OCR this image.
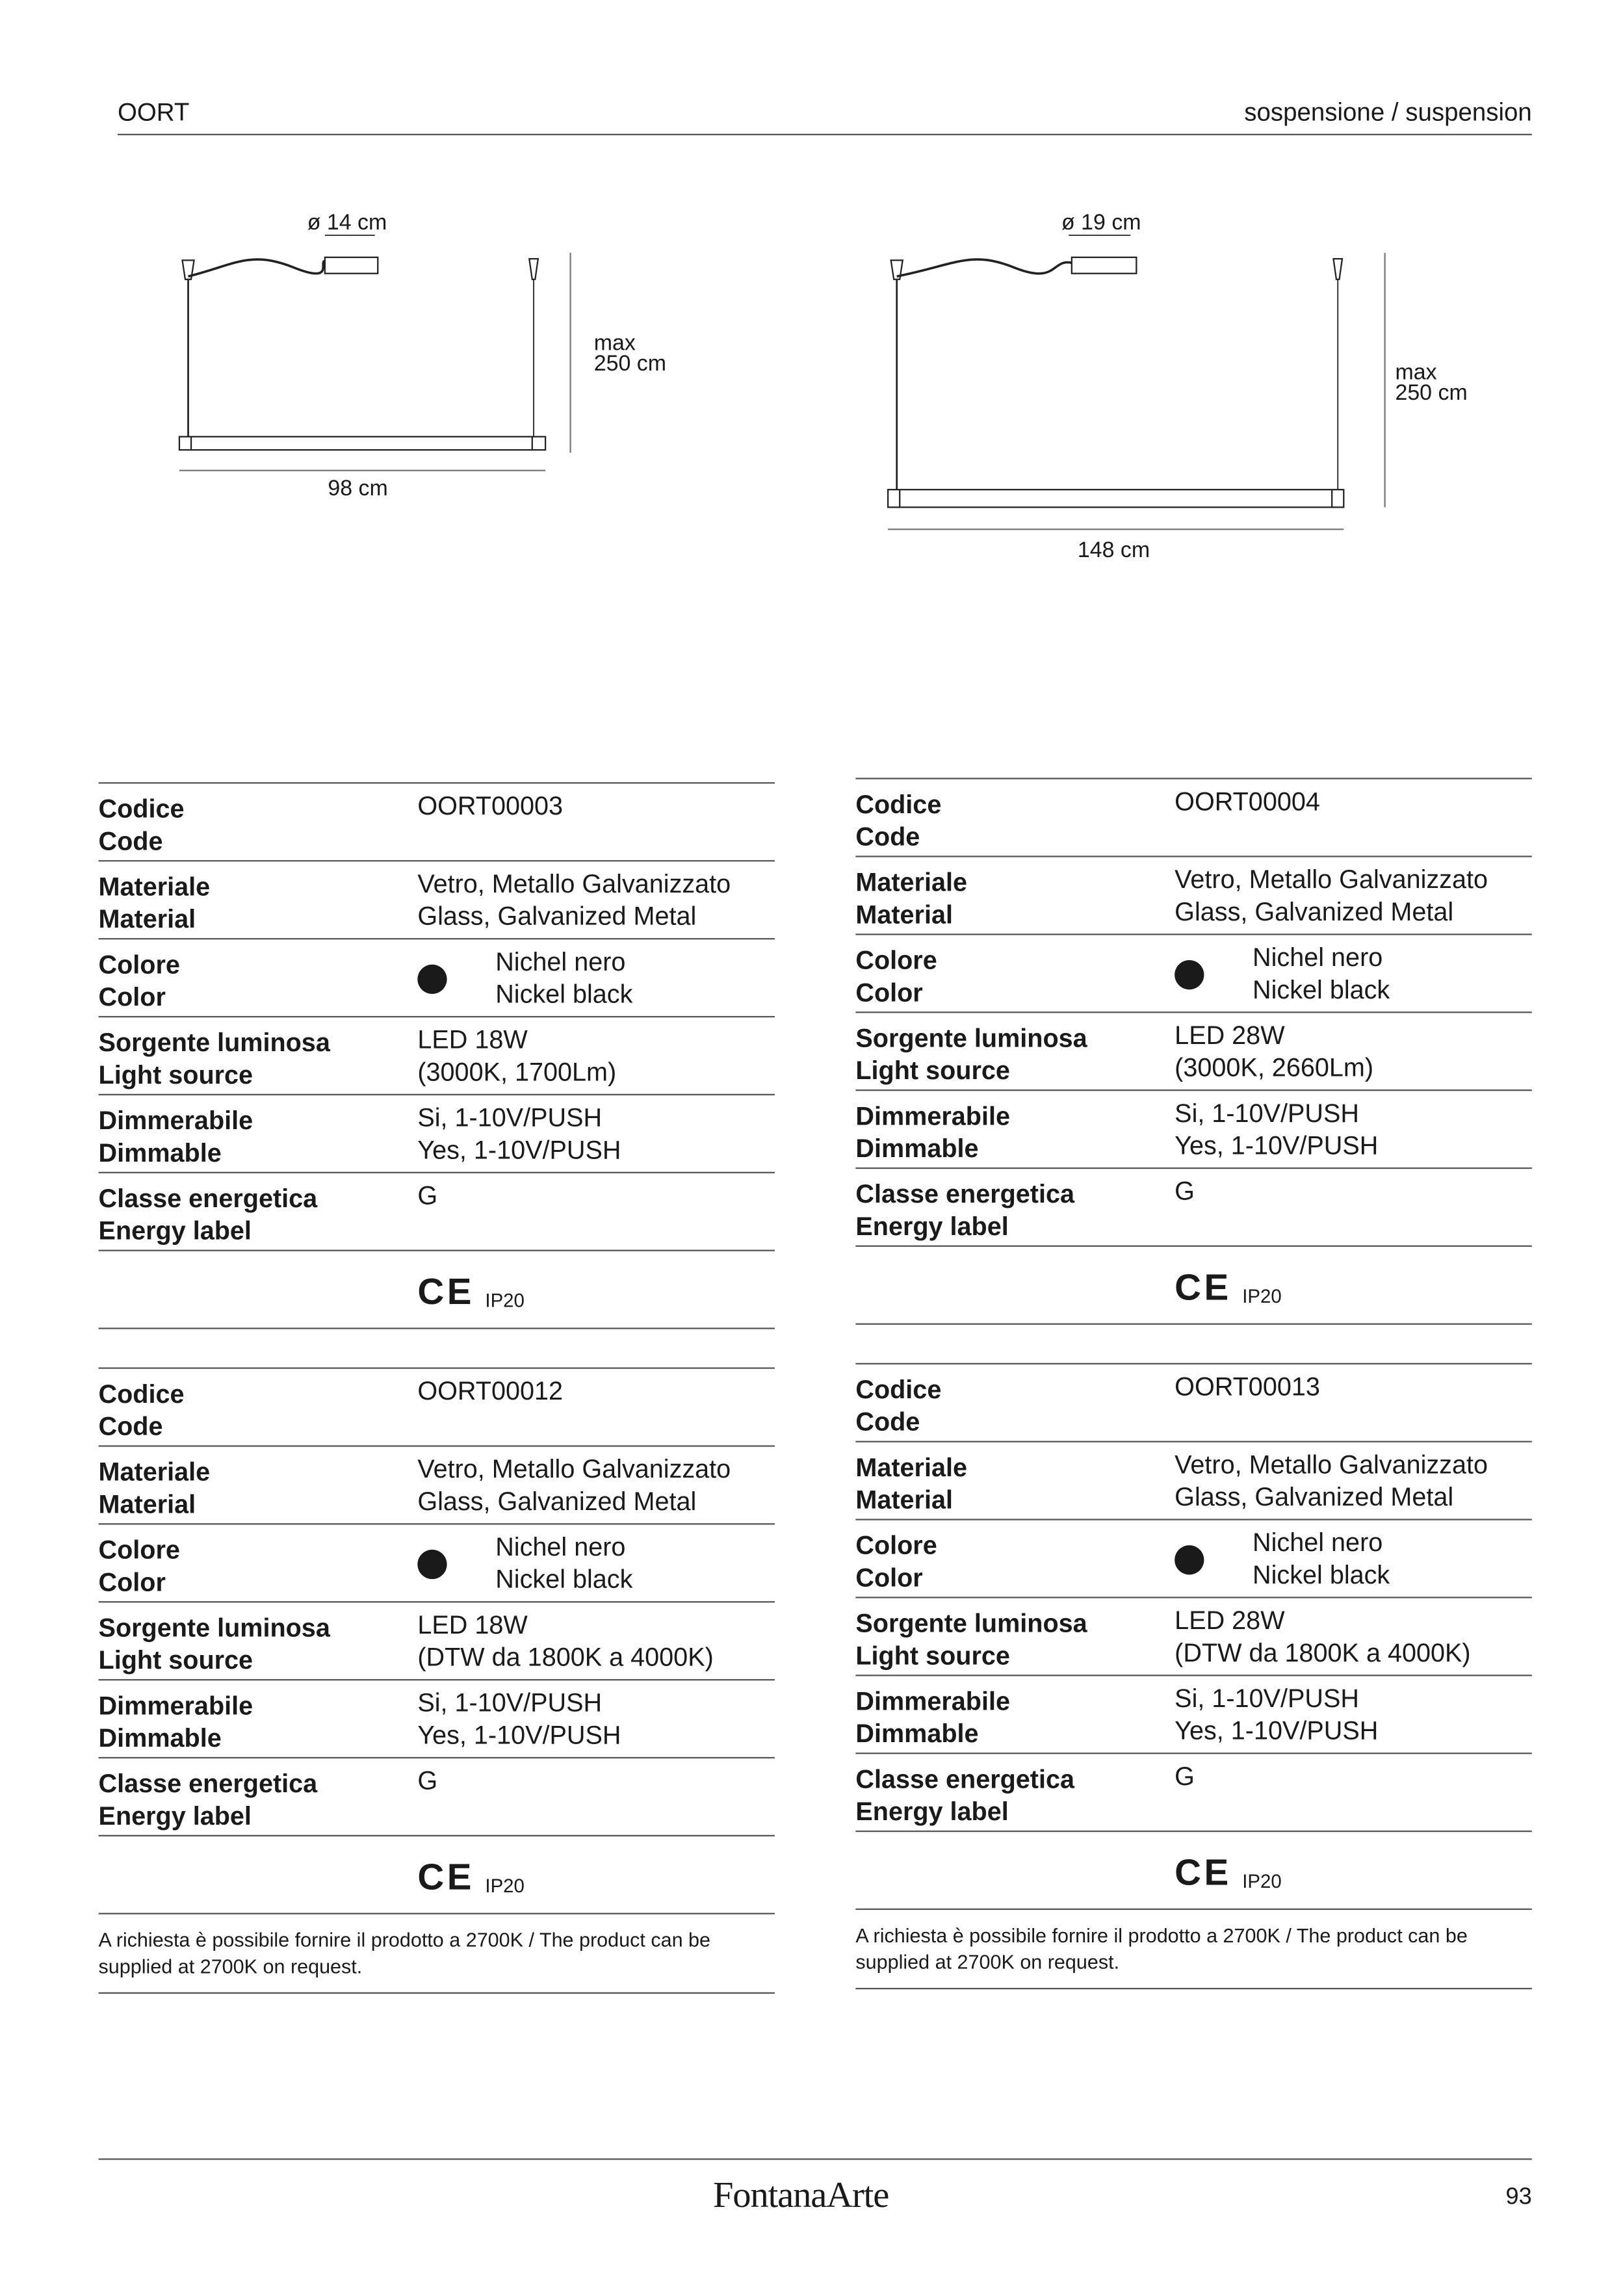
OORT	sospensione / suspension
ø 14 cm
max
250 cm
98 cm
ø 19 cm
max
250 cm
148 cm
Codice
Code
OORT00003
Materiale
Material
Vetro, Metallo Galvanizzato
Glass, Galvanized Metal
Colore
Color
Nichel nero
Nickel black
Sorgente luminosa
Light source
LED 18W
(3000K, 1700Lm)
Dimmerabile
Dimmable
Si, 1-10V/PUSH
Yes, 1-10V/PUSH
Classe energetica
Energy label
G
CE IP20
Codice
Code
OORT00012
Materiale
Material
Vetro, Metallo Galvanizzato
Glass, Galvanized Metal
Colore
Color
Nichel nero
Nickel black
Sorgente luminosa
Light source
LED 18W
(DTW da 1800K a 4000K)
Dimmerabile
Dimmable
Si, 1-10V/PUSH
Yes, 1-10V/PUSH
Classe energetica
Energy label
G
CE IP20
A richiesta è possibile fornire il prodotto a 2700K / The product can be supplied at 2700K on request.
Codice
Code
OORT00004
Materiale
Material
Vetro, Metallo Galvanizzato
Glass, Galvanized Metal
Colore
Color
Nichel nero
Nickel black
Sorgente luminosa
Light source
LED 28W
(3000K, 2660Lm)
Dimmerabile
Dimmable
Si, 1-10V/PUSH
Yes, 1-10V/PUSH
Classe energetica
Energy label
G
CE IP20
Codice
Code
OORT00013
Materiale
Material
Vetro, Metallo Galvanizzato
Glass, Galvanized Metal
Colore
Color
Nichel nero
Nickel black
Sorgente luminosa
Light source
LED 28W
(DTW da 1800K a 4000K)
Dimmerabile
Dimmable
Si, 1-10V/PUSH
Yes, 1-10V/PUSH
Classe energetica
Energy label
G
CE IP20
A richiesta è possibile fornire il prodotto a 2700K / The product can be supplied at 2700K on request.
FontanaArte	93
